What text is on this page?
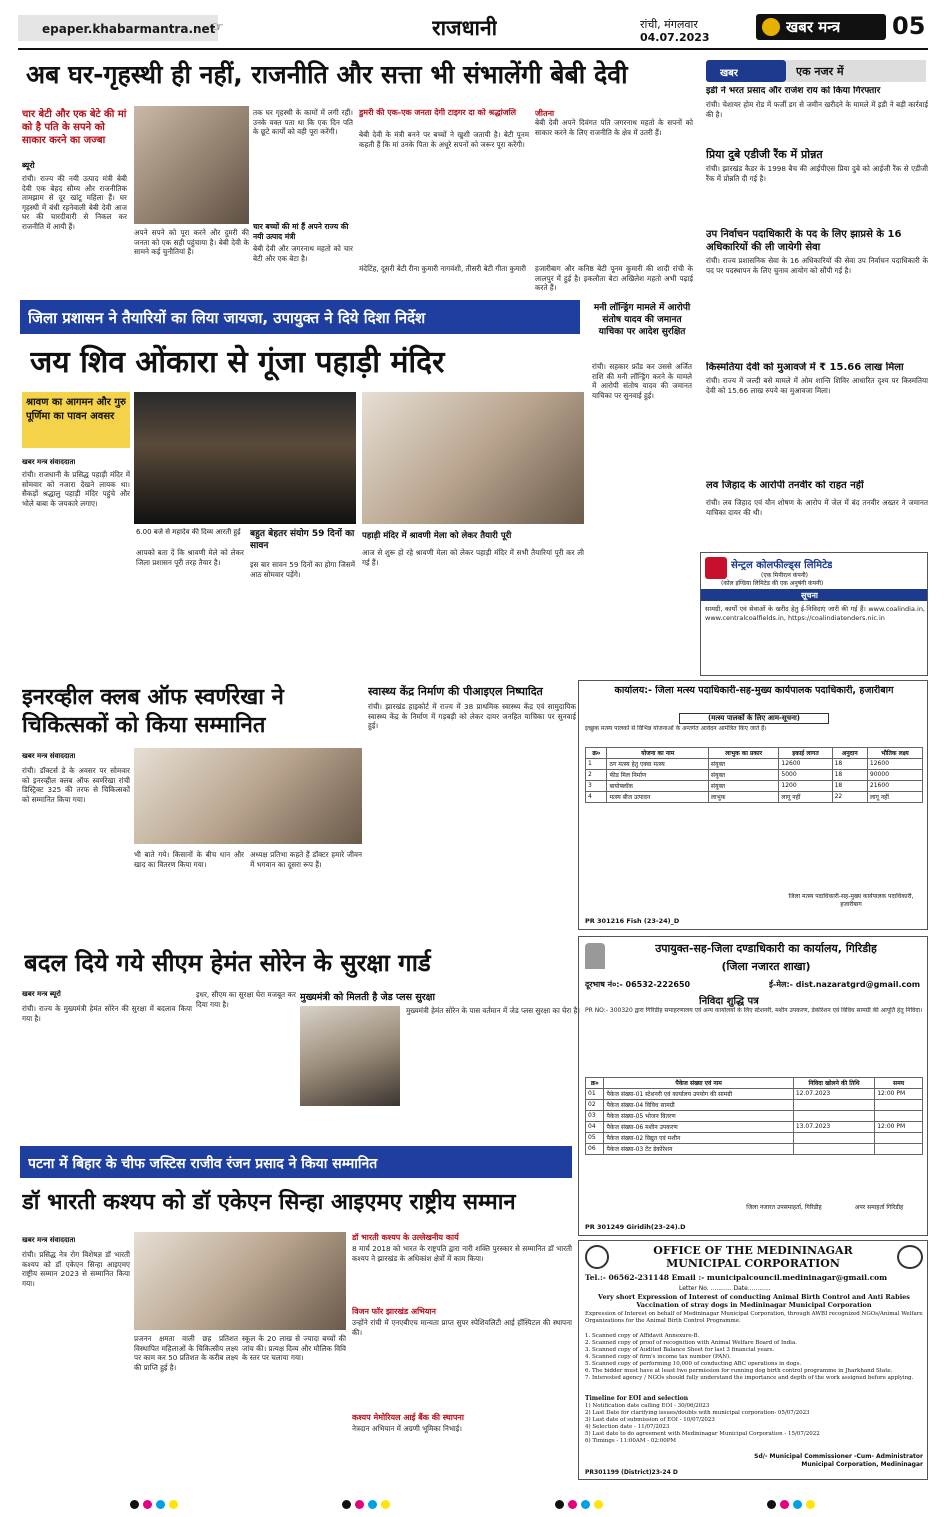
epaper.khabarmantra.net
☞	राजधानी	रांची, मंगलवार
04.07.2023
खबर मन्त्र 05
अब घर-गृहस्थी ही नहीं, राजनीति और सत्ता भी संभालेंगी बेबी देवी
चार बेटी और एक बेटे की मां को है पति के सपने को साकार करने का जज्बा
ब्यूरो
रांची। राज्य की नयी उत्पाद मंत्री बेबी देवी एक बेहद सौम्य और राजनीतिक तामझाम से दूर खांटू महिला हैं। घर गृहस्थी में बंधी रहनेवाली बेबी देवी आज घर की चारदीवारी से निकल कर राजनीति में आयी हैं।
अपने सपने को पूरा करने और दुमरी की जनता को एक सही पहुंचाया है। बेबी देवी के सामने कई चुनौतियां हैं।
तक घर गृहस्थी के कामों में लगी रहीं। उनके वक्त पता था कि एक दिन पति के छूटे कार्यों को वही पूरा करेंगी।
चार बच्चों की मां हैं अपने राज्य की नयी उत्पाद मंत्री
बेबी देवी और जगरनाथ महतो को चार बेटी और एक बेटा है।
डुमरी की एक-एक जनता देगी टाइगर दा को श्रद्धांजलि
बेबी देवी के मंत्री बनने पर बच्चों ने खुशी जतायी है। बेटी पूनम कहती हैं कि मां उनके पिता के अधूरे सपनों को जरूर पूरा करेंगी।
जीतना
बेबी देवी अपने दिवंगत पति जगरनाथ महतो के सपनों को साकार करने के लिए राजनीति के क्षेत्र में उतरी हैं।
मंदेटिंह, दूसरी बेटी रीना कुमारी नागवंशी, तीसरी बेटी गीता कुमारी	हजारीबाग और कनिष्ठ बेटी पूनम कुमारी की शादी रांची के लालपुर में हुई है। इकलौता बेटा अखिलेश महतो अभी पढ़ाई करते हैं।
खबर	एक नजर में
इडी ने भरत प्रसाद और राजेश राय को किया गिरफ्तार
रांची। चेशायर होम रोड में फर्जी डग से जमीन खरीदने के मामले में इडी ने बड़ी कार्रवाई की है।
प्रिया दुबे एडीजी रैंक में प्रोन्नत
रांची। झारखंड कैडर के 1998 बैच की आईपीएस प्रिया दुबे को आईजी रैंक से एडीजी रैंक में प्रोन्नति दी गई है।
उप निर्वाचन पदाधिकारी के पद के लिए झाप्रसे के 16 अधिकारियों की ली जायेगी सेवा
रांची। राज्य प्रशासनिक सेवा के 16 अधिकारियों की सेवा उप निर्वाचन पदाधिकारी के पद पर पदस्थापन के लिए चुनाव आयोग को सौंपी गई है।
किस्मतिया देवी को मुआवजे में ₹ 15.66 लाख मिला
रांची। राज्य में जल्दी बसे मामले में ओम शान्ति शिविर आधारित दृश्य पर किस्मतिया देवी को 15.66 लाख रुपये का मुआवजा मिला।
लव जिहाद के आरोपी तनवीर को राहत नहीं
रांची। लव जिहाद एवं यौन शोषण के आरोप में जेल में बंद तनवीर अख्तर ने जमानत याचिका दायर की थी।
जिला प्रशासन ने तैयारियों का लिया जायजा, उपायुक्त ने दिये दिशा निर्देश
जय शिव ओंकारा से गूंजा पहाड़ी मंदिर
श्रावण का आगमन और गुरु पूर्णिमा का पावन अवसर
खबर मन्त्र संवाददाता
रांची। राजधानी के प्रसिद्ध पहाड़ी मंदिर में सोमवार को नजारा देखने लायक था। सैकड़ों श्रद्धालु पहाड़ी मंदिर पहुंचे और भोले बाबा के जयकारे लगाए।
6.00 बजे से महादेव की दिव्य आरती हुई
आपको बता दें कि श्रावणी मेले को लेकर जिला प्रशासन पूरी तरह तैयार है।
बहुत बेहतर संयोग 59 दिनों का सावन
इस बार सावन 59 दिनों का होगा जिसमें आठ सोमवार पड़ेंगे।
पहाड़ी मंदिर में श्रावणी मेला को लेकर तैयारी पूरी
आज से शुरू हो रहे श्रावणी मेला को लेकर पहाड़ी मंदिर में सभी तैयारियां पूरी कर ली गई हैं।
मनी लॉन्ड्रिंग मामले में आरोपी संतोष यादव की जमानत याचिका पर आदेश सुरक्षित
रांची। सहकार फ्रॉड कर उससे अर्जित राशि की मनी लॉन्ड्रिंग करने के मामले में आरोपी संतोष यादव की जमानत याचिका पर सुनवाई हुई।
सेन्ट्रल कोलफील्ड्स लिमिटेड
(एक मिनीरत्न कंपनी)
(कोल इण्डिया लिमिटेड की एक अनुषंगी कंपनी)
सूचना
सामग्री, कार्यों एवं सेवाओं के खरीद हेतु ई-निविदाएं जारी की गई हैं। www.coalindia.in, www.centralcoalfields.in, https://coalindiatenders.nic.in
इनरव्हील क्लब ऑफ स्वर्णरेखा ने चिकित्सकों को किया सम्मानित
खबर मन्त्र संवाददाता
रांची। डॉक्टर्स डे के अवसर पर सोमवार को इनरव्हील क्लब ऑफ स्वर्णरेखा रांची डिस्ट्रिक्ट 325 की तरफ से चिकित्सकों को सम्मानित किया गया।
भी बाते गये। किसानों के बीच धान और खाद का वितरण किया गया।
अध्यक्ष प्रतिभा कहते हैं डॉक्टर हमारे जीवन में भगवान का दूसरा रूप हैं।
स्वास्थ्य केंद्र निर्माण की पीआइएल निष्पादित
रांची। झारखंड हाइकोर्ट में राज्य में 38 प्राथमिक स्वास्थ्य केंद्र एवं सामुदायिक स्वास्थ्य केंद्र के निर्माण में गड़बड़ी को लेकर दायर जनहित याचिका पर सुनवाई हुई।
कार्यालय:- जिला मत्स्य पदाधिकारी-सह-मुख्य कार्यपालक पदाधिकारी, हजारीबाग
(मत्स्य पालकों के लिए आम-सूचना)
इच्छुक मत्स्य पालकों से विभिन्न योजनाओं के अन्तर्गत आवेदन आमंत्रित किए जाते हैं।
क्र०	योजना का नाम	लाभुक का प्रकार	इकाई लागत	अनुदान	भौतिक लक्ष्य
1	ठग मत्स्य हेतु एक्वा मत्स्य	संयुक्त	12600	18	12600
2	फीड मिल निर्माण	संयुक्त	5000	18	90000
3	बायोफ्लॉक	संयुक्त	1200	18	21600
4	मत्स्य बीज उत्पादन	लाभुक	लागू नहीं	22	लागू नहीं
जिला मत्स्य पदाधिकारी-सह-मुख्य कार्यपालक पदाधिकारी, हजारीबाग
PR 301216 Fish (23-24)_D
बदल दिये गये सीएम हेमंत सोरेन के सुरक्षा गार्ड
खबर मन्त्र ब्यूरो
रांची। राज्य के मुख्यमंत्री हेमंत सोरेन की सुरक्षा में बदलाव किया गया है।
इधर, सीएम का सुरक्षा घेरा मजबूत कर दिया गया है।
मुख्यमंत्री को मिलती है जेड प्लस सुरक्षा
मुख्यमंत्री हेमंत सोरेन के पास वर्तमान में जेड प्लस सुरक्षा का घेरा है।
उपायुक्त-सह-जिला दण्डाधिकारी का कार्यालय, गिरिडीह
(जिला नजारत शाखा)
दूरभाष नं०:- 06532-222650	ई-मेल:- dist.nazaratgrd@gmail.com
निविदा शुद्धि पत्र
PR NO:- 300320 द्वारा गिरिडीह समाहरणालय एवं अन्य कार्यालयों के लिए स्टेशनरी, मशीन उपकरण, डेकोरेशन एवं विविध सामग्री की आपूर्ति हेतु निविदा।
क्र०	पैकेज संख्या एवं नाम	निविदा खोलने की तिथि	समय
01	पैकेज संख्या-01 स्टेशनरी एवं कार्यालय उपयोग की सामग्री	12.07.2023	12:00 PM
02	पैकेज संख्या-04 विविध सामग्री		
03	पैकेज संख्या-05 भोजन वितरण		
04	पैकेज संख्या-06 मशीन उपकरण	13.07.2023	12:00 PM
05	पैकेज संख्या-02 विद्युत एवं मशीन		
06	पैकेज संख्या-03 टेंट डेकोरेशन		
जिला नजारत उपसमाहर्ता, गिरिडीह	अपर समाहर्ता गिरिडीह
PR 301249 Giridih(23-24).D
पटना में बिहार के चीफ जस्टिस राजीव रंजन प्रसाद ने किया सम्मानित
डॉ भारती कश्यप को डॉ एकेएन सिन्हा आइएमए राष्ट्रीय सम्मान
खबर मन्त्र संवाददाता
रांची। प्रसिद्ध नेत्र रोग विशेषज्ञ डॉ भारती कश्यप को डॉ एकेएन सिन्हा आइएमए राष्ट्रीय सम्मान 2023 से सम्मानित किया गया।
प्रजनन क्षमता वाली छह प्रतिशत विस्थापित महिलाओं के चिकित्सीय लक्ष्य पर काम कर 50 प्रतिशत के करीब लक्ष्य की प्राप्ति हुई है।
स्कूल के 20 लाख से ज्यादा बच्चों की जांच की। प्रत्यक्ष दिव्य और मौलिक विवि के स्तर पर चलाया गया।
डॉ भारती कश्यप के उल्लेखनीय कार्य
8 मार्च 2018 को भारत के राष्ट्रपति द्वारा नारी शक्ति पुरस्कार से सम्मानित डॉ भारती कश्यप ने झारखंड के अधिकांश क्षेत्रों में काम किया।
विजन फॉर झारखंड अभियान
उन्होंने रांची में एनएबीएच मान्यता प्राप्त सुपर स्पेशियलिटी आई हॉस्पिटल की स्थापना की।
कश्यप मेमोरियल आई बैंक की स्थापना
नेत्रदान अभियान में अग्रणी भूमिका निभाई।
OFFICE OF THE MEDININAGAR
MUNICIPAL CORPORATION
Tel.:- 06562-231148 Email :- municipalcouncil.medininagar@gmail.com
Letter No. ........... Date............
Very short Expression of Interest of conducting Animal Birth Control and Anti Rabies Vaccination of stray dogs in Medininagar Municipal Corporation
Expression of Interest on behalf of Medininagar Municipal Corporation, through AWBI recognized NGOs/Animal Welfare Organizations for the Animal Birth Control Programme.
1. Scanned copy of Affidavit Annexure-B.
2. Scanned copy of proof of recognition with Animal Welfare Board of India.
3. Scanned copy of Audited Balance Sheet for last 3 financial years.
4. Scanned copy of firm's income tax number (PAN).
5. Scanned copy of performing 10,000 of conducting ABC operations in dogs.
6. The bidder must have at least two permission for running dog birth control programme in Jharkhand State.
7. Interested agency / NGOs should fully understand the importance and depth of the work assigned before applying.
Timeline for EOI and selection
1) Notification date calling EOI - 30/06/2023
2) Last Date for clarifying issues/doubts with municipal corporation- 05/07/2023
3) Last date of submission of EOI - 10/07/2023
4) Selection date - 11/07/2023
5) Last date to do agreement with Medininagar Municipal Corporation - 15/07/2022
6) Timings - 11:00AM - 02:00PM
Sd/- Municipal Commissioner -Cum- Administrator
Municipal Corporation, Medininagar
PR301199 (District)23-24 D
